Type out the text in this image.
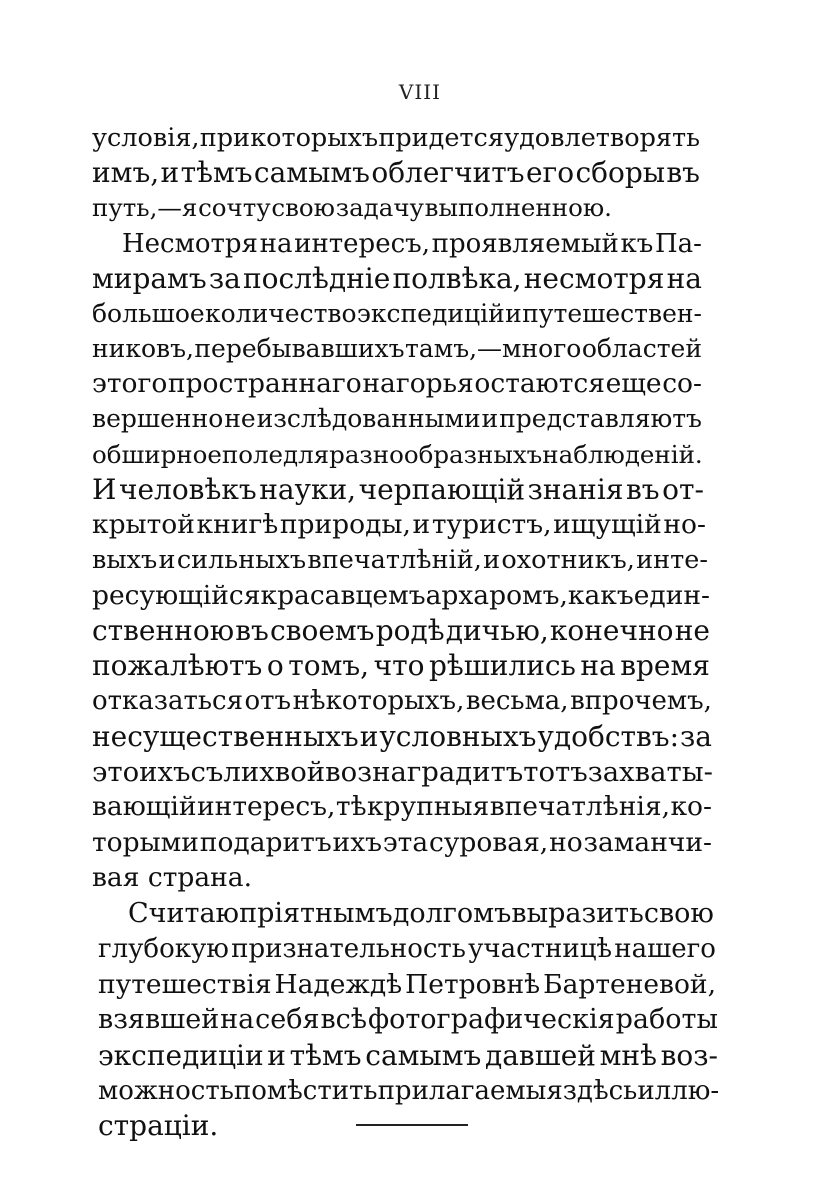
VIII
условія, при которыхъ придется удовлетворять
имъ, и тѣмъ самымъ облегчитъ его сборы въ
путь,—я сочту свою задачу выполненною.
Несмотря на интересъ, проявляемый къ Па-
мирамъ за послѣдніе полвѣка, несмотря на
большое количество экспедицій и путешествен-
никовъ, перебывавшихъ тамъ,—много областей
этого пространнаго нагорья остаются еще со-
вершенно не изслѣдованными и представляютъ
обширное поле для разнообразныхъ наблюденій.
И человѣкъ науки, черпающій знанія въ от-
крытой книгѣ природы, и туристъ, ищущій но-
выхъ и сильныхъ впечатлѣній, и охотникъ, инте-
ресующійся красавцемъ архаромъ, какъ един-
ственною въ своемъ родѣ дичью, конечно не
пожалѣютъ о томъ, что рѣшились на время
отказаться отъ нѣкоторыхъ, весьма, впрочемъ,
несущественныхъ и условныхъ удобствъ: за
это ихъ съ лихвой вознаградитъ тотъ захваты-
вающій интересъ, тѣ крупныя впечатлѣнія, ко-
торыми подаритъ ихъ эта суровая, но заманчи-
вая страна.
Считаю пріятнымъ долгомъ выразить свою
глубокую признательность участницѣ нашего
путешествія Надеждѣ Петровнѣ Бартеневой,
взявшей на себя всѣ фотографическія работы
экспедиціи и тѣмъ самымъ давшей мнѣ воз-
можность помѣстить прилагаемыя здѣсь иллю-
страціи.
